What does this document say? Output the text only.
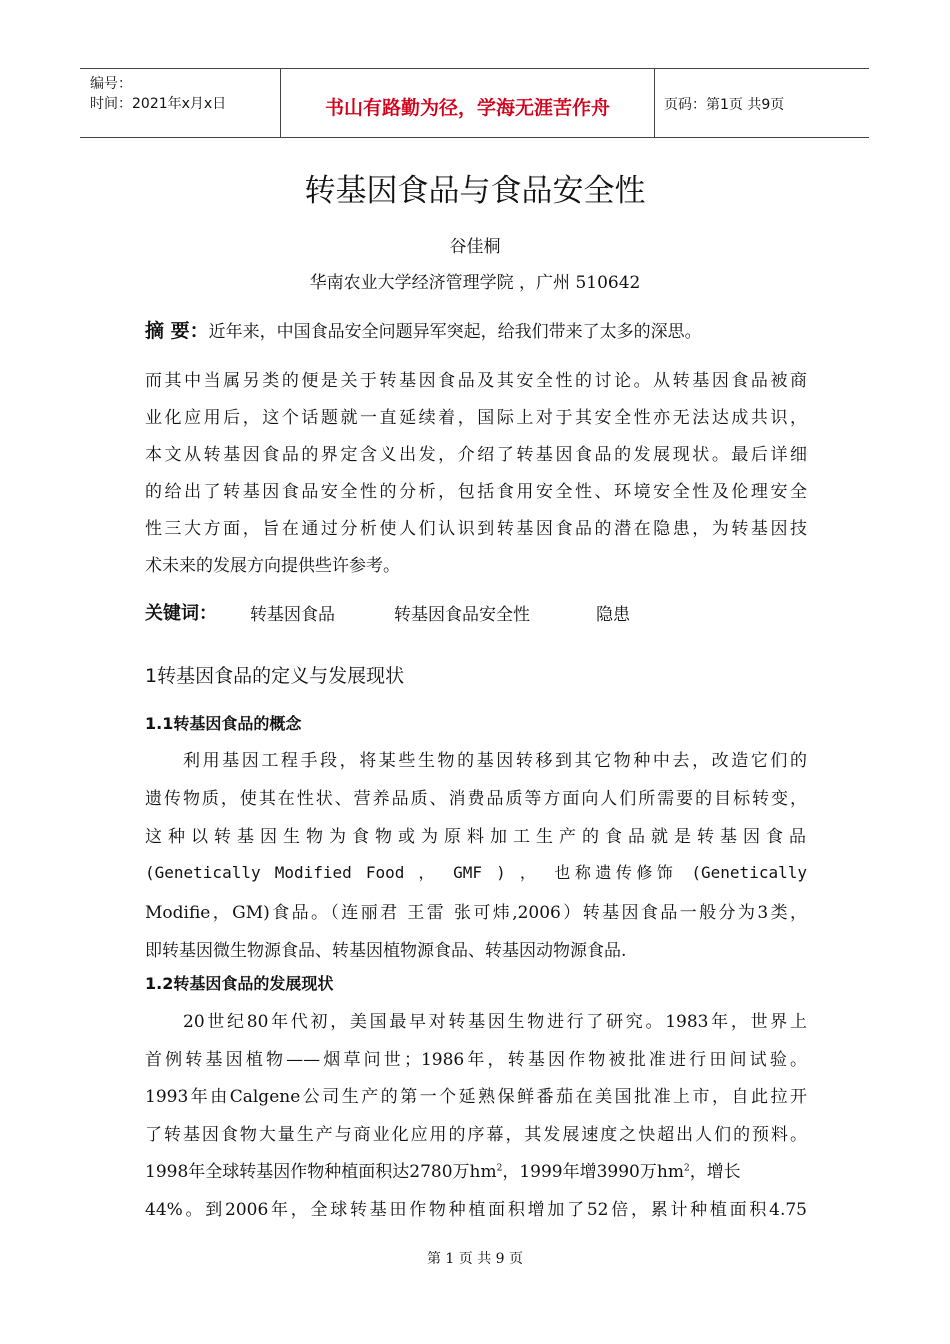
编号：
时间：2021年x月x日	书山有路勤为径，学海无涯苦作舟	页码：第1页 共9页
转基因食品与食品安全性
谷佳桐
华南农业大学经济管理学院 ，广州 510642
摘 要：近年来，中国食品安全问题异军突起，给我们带来了太多的深思。
而其中当属另类的便是关于转基因食品及其安全性的讨论。从转基因食品被商
业化应用后，这个话题就一直延续着，国际上对于其安全性亦无法达成共识，
本文从转基因食品的界定含义出发，介绍了转基因食品的发展现状。最后详细
的给出了转基因食品安全性的分析，包括食用安全性、环境安全性及伦理安全
性三大方面，旨在通过分析使人们认识到转基因食品的潜在隐患，为转基因技
术未来的发展方向提供些许参考。
关键词： 转基因食品	转基因食品安全性	隐患
1转基因食品的定义与发展现状
1.1转基因食品的概念
利用基因工程手段，将某些生物的基因转移到其它物种中去，改造它们的
遗传物质，使其在性状、营养品质、消费品质等方面向人们所需要的目标转变，
这种以转基因生物为食物或为原料加工生产的食品就是转基因食品
(Genetically Modified Food ， GMF ) ， 也称遗传修饰 (Genetically
Modifie，GM)食品。（连丽君 王雷 张可炜,2006）转基因食品一般分为3类，
即转基因微生物源食品、转基因植物源食品、转基因动物源食品.
1.2转基因食品的发展现状
20世纪80年代初，美国最早对转基因生物进行了研究。1983年，世界上
首例转基因植物——烟草问世；1986年，转基因作物被批准进行田间试验。
1993年由Calgene公司生产的第一个延熟保鲜番茄在美国批准上市，自此拉开
了转基因食物大量生产与商业化应用的序幕，其发展速度之快超出人们的预料。
1998年全球转基因作物种植面积达2780万$hm^2$，1999年增3990万$hm^2$，增长
44%。到2006年，全球转基田作物种植面积增加了52倍，累计种植面积4.75
第 1 页 共 9 页
